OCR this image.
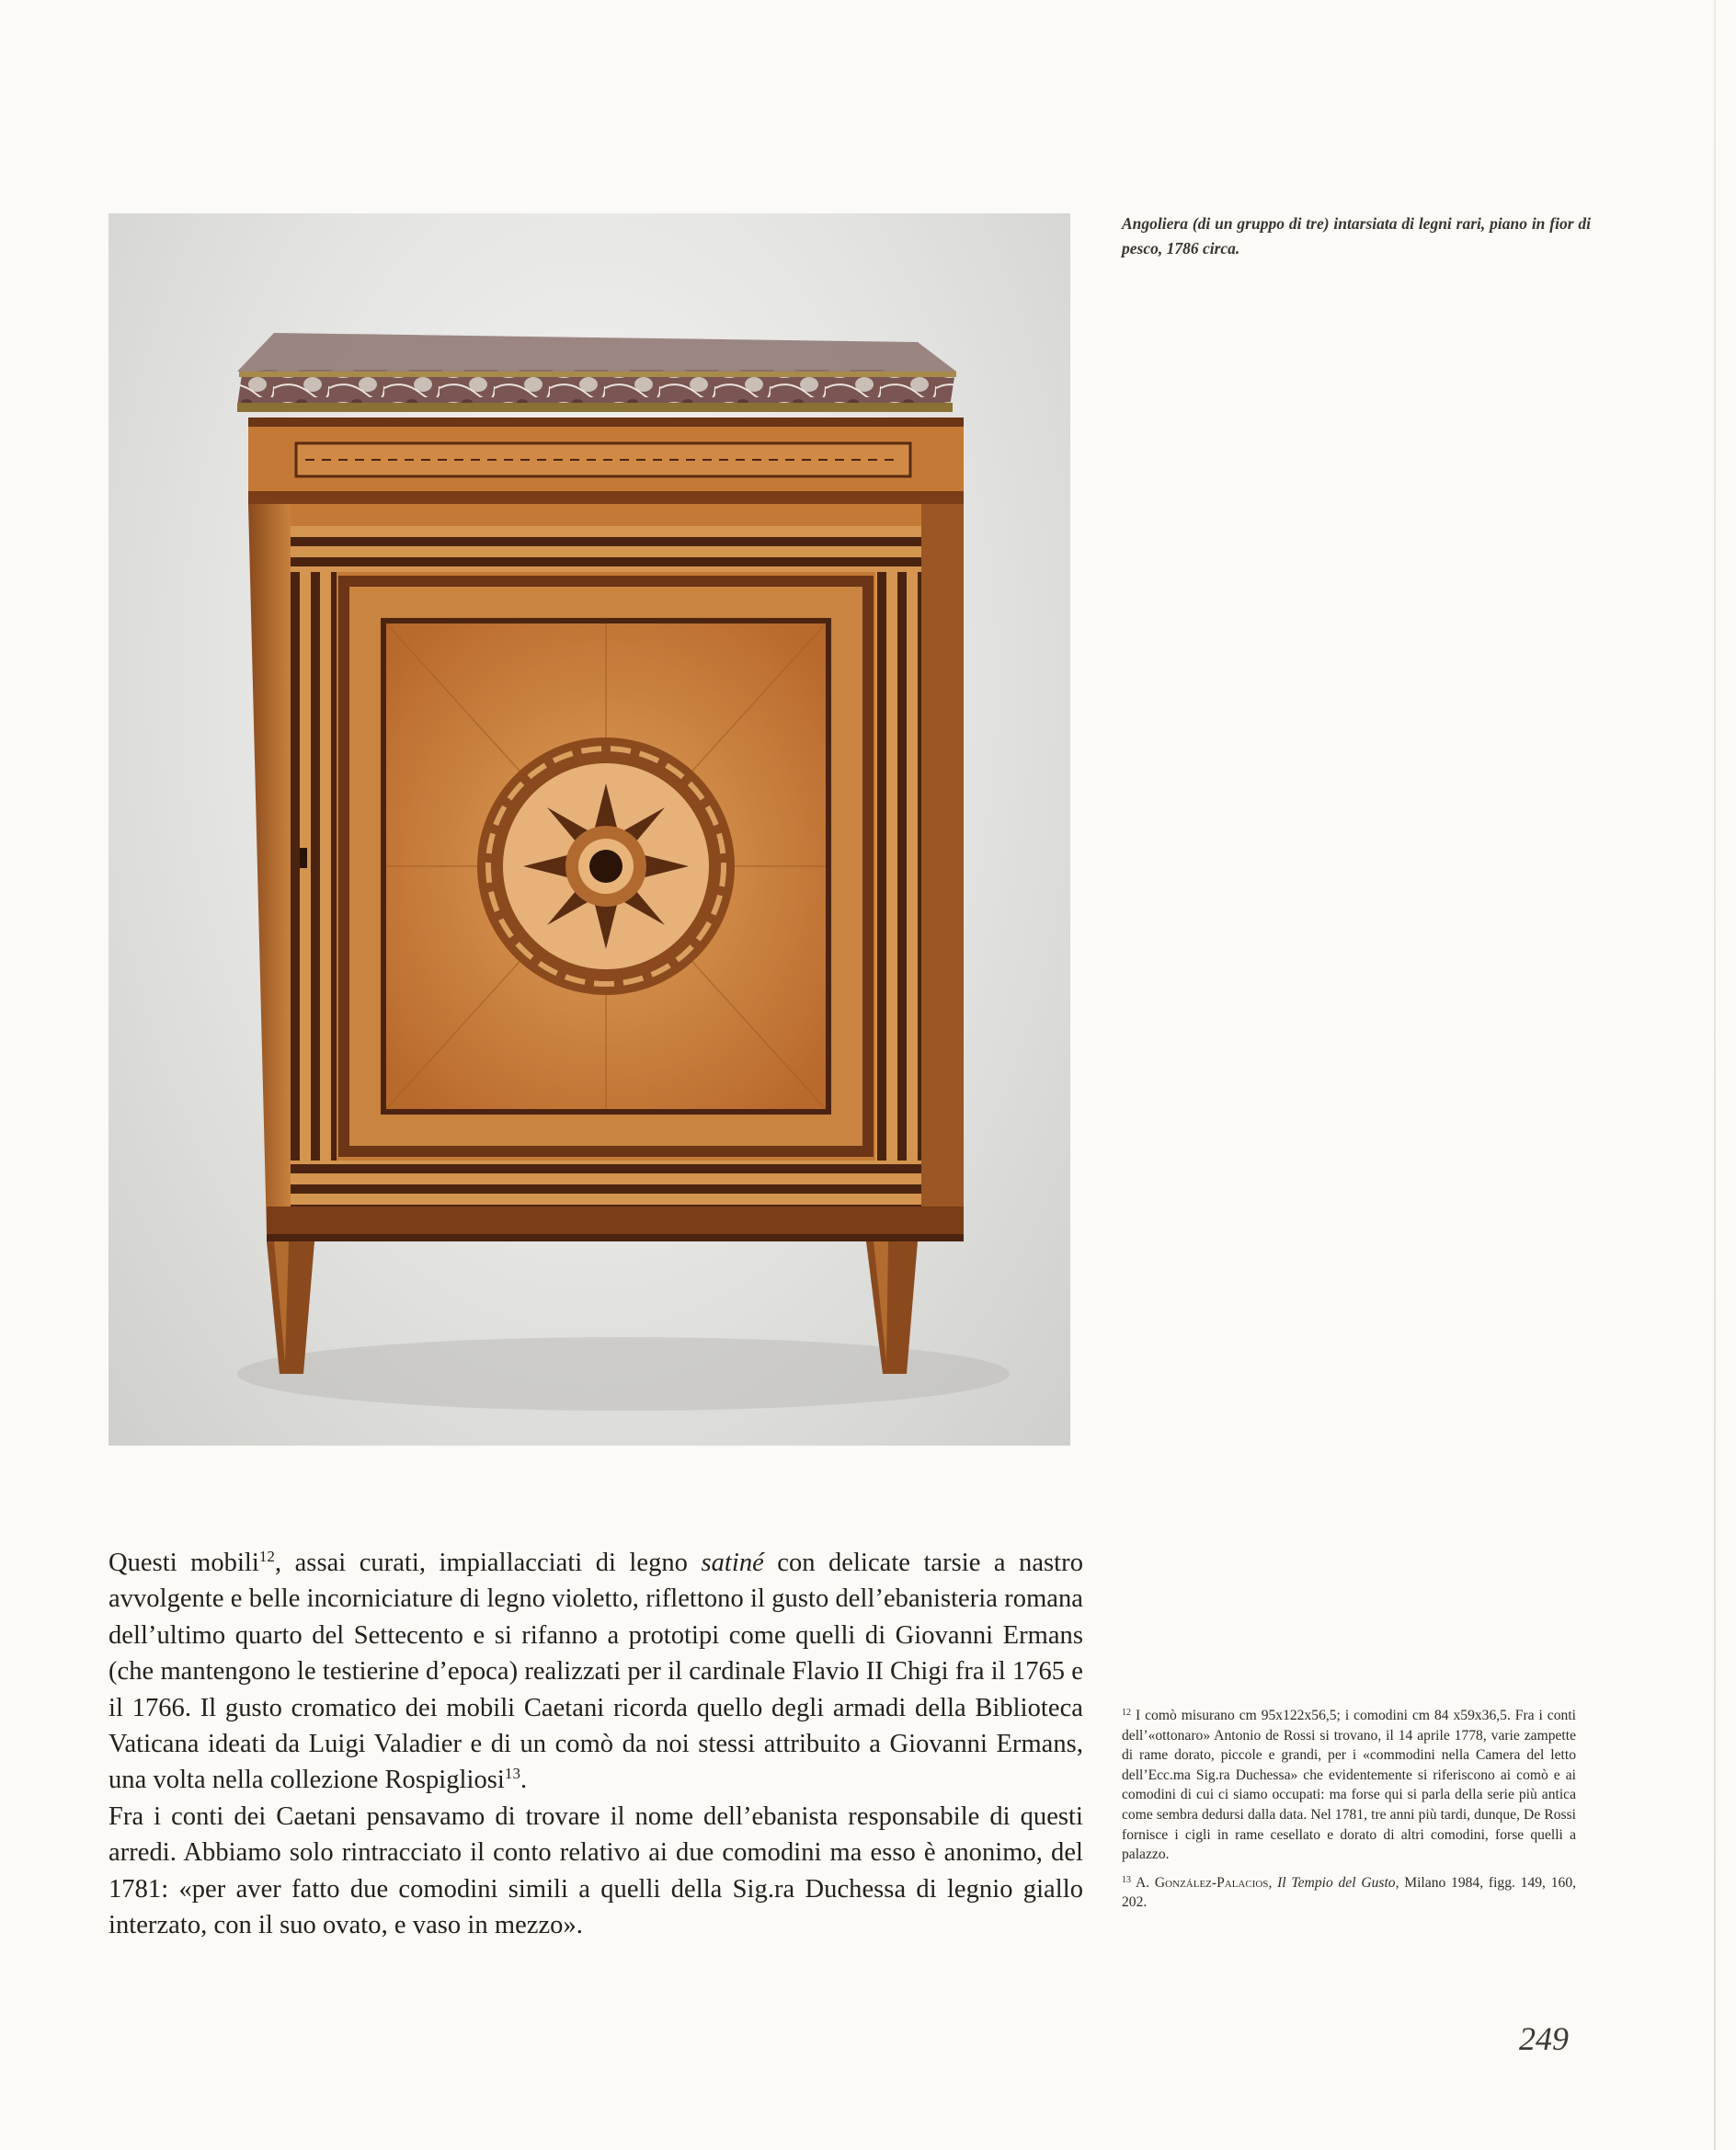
Angoliera (di un gruppo di tre) intarsiata di legni rari, piano in fior di pesco, 1786 circa.

Questi mobili$^{12}$, assai curati, impiallacciati di legno satiné con delicate tarsie a nastro avvolgente e belle incorniciature di legno violetto, riflettono il gusto dell’ebanisteria romana dell’ultimo quarto del Settecento e si rifanno a prototipi come quelli di Giovanni Ermans (che mantengono le testierine d’epoca) realizzati per il cardinale Flavio II Chigi fra il 1765 e il 1766. Il gusto cromatico dei mobili Caetani ricorda quello degli armadi della Biblioteca Vaticana ideati da Luigi Valadier e di un comò da noi stessi attribuito a Giovanni Ermans, una volta nella collezione Rospigliosi$^{13}$.

Fra i conti dei Caetani pensavamo di trovare il nome dell’ebanista responsabile di questi arredi. Abbiamo solo rintracciato il conto relativo ai due comodini ma esso è anonimo, del 1781: «per aver fatto due comodini simili a quelli della Sig.ra Duchessa di legnio giallo interzato, con il suo ovato, e vaso in mezzo».

$^{12}$ I comò misurano cm 95x122x56,5; i comodini cm 84 x59x36,5. Fra i conti dell’«ottonaro» Antonio de Rossi si trovano, il 14 aprile 1778, varie zampette di rame dorato, piccole e grandi, per i «commodini nella Camera del letto dell’Ecc.ma Sig.ra Duchessa» che evidentemente si riferiscono ai comò e ai comodini di cui ci siamo occupati: ma forse qui si parla della serie più antica come sembra dedursi dalla data. Nel 1781, tre anni più tardi, dunque, De Rossi fornisce i cigli in rame cesellato e dorato di altri comodini, forse quelli a palazzo.

$^{13}$ A. González-Palacios, Il Tempio del Gusto, Milano 1984, figg. 149, 160, 202.

249
